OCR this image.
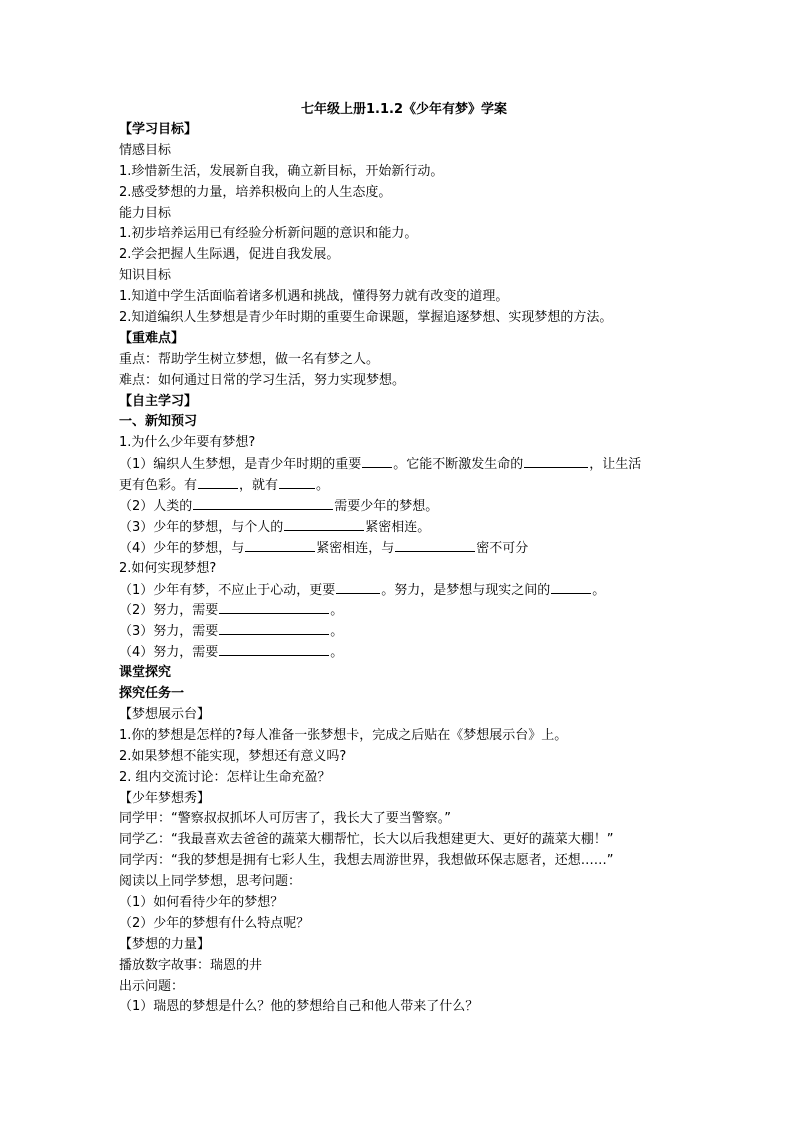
七年级上册1.1.2《少年有梦》学案
【学习目标】
情感目标
1.珍惜新生活，发展新自我，确立新目标，开始新行动。
2.感受梦想的力量，培养积极向上的人生态度。
能力目标
1.初步培养运用已有经验分析新问题的意识和能力。
2.学会把握人生际遇，促进自我发展。
知识目标
1.知道中学生活面临着诸多机遇和挑战，懂得努力就有改变的道理。
2.知道编织人生梦想是青少年时期的重要生命课题，掌握追逐梦想、实现梦想的方法。
【重难点】
重点：帮助学生树立梦想，做一名有梦之人。
难点：如何通过日常的学习生活，努力实现梦想。
【自主学习】
一、新知预习
1.为什么少年要有梦想?
（1）编织人生梦想，是青少年时期的重要 。它能不断激发生命的	，让生活
更有色彩。有	，就有	。
（2）人类的	需要少年的梦想。
（3）少年的梦想，与个人的	紧密相连。
（4）少年的梦想，与	紧密相连，与	密不可分
2.如何实现梦想?
（1）少年有梦，不应止于心动，更要	。努力，是梦想与现实之间的	。
（2）努力，需要	。
（3）努力，需要	。
（4）努力，需要	。
课堂探究
探究任务一
【梦想展示台】
1.你的梦想是怎样的?每人准备一张梦想卡，完成之后贴在《梦想展示台》上。
2.如果梦想不能实现，梦想还有意义吗?
2. 组内交流讨论：怎样让生命充盈？
【少年梦想秀】
同学甲：“警察叔叔抓坏人可厉害了，我长大了要当警察。”
同学乙：“我最喜欢去爸爸的蔬菜大棚帮忙，长大以后我想建更大、更好的蔬菜大棚！”
同学丙：“我的梦想是拥有七彩人生，我想去周游世界，我想做环保志愿者，还想……”
阅读以上同学梦想，思考问题：
（1）如何看待少年的梦想？
（2）少年的梦想有什么特点呢？
【梦想的力量】
播放数字故事：瑞恩的井
出示问题：
（1）瑞恩的梦想是什么？他的梦想给自己和他人带来了什么？
